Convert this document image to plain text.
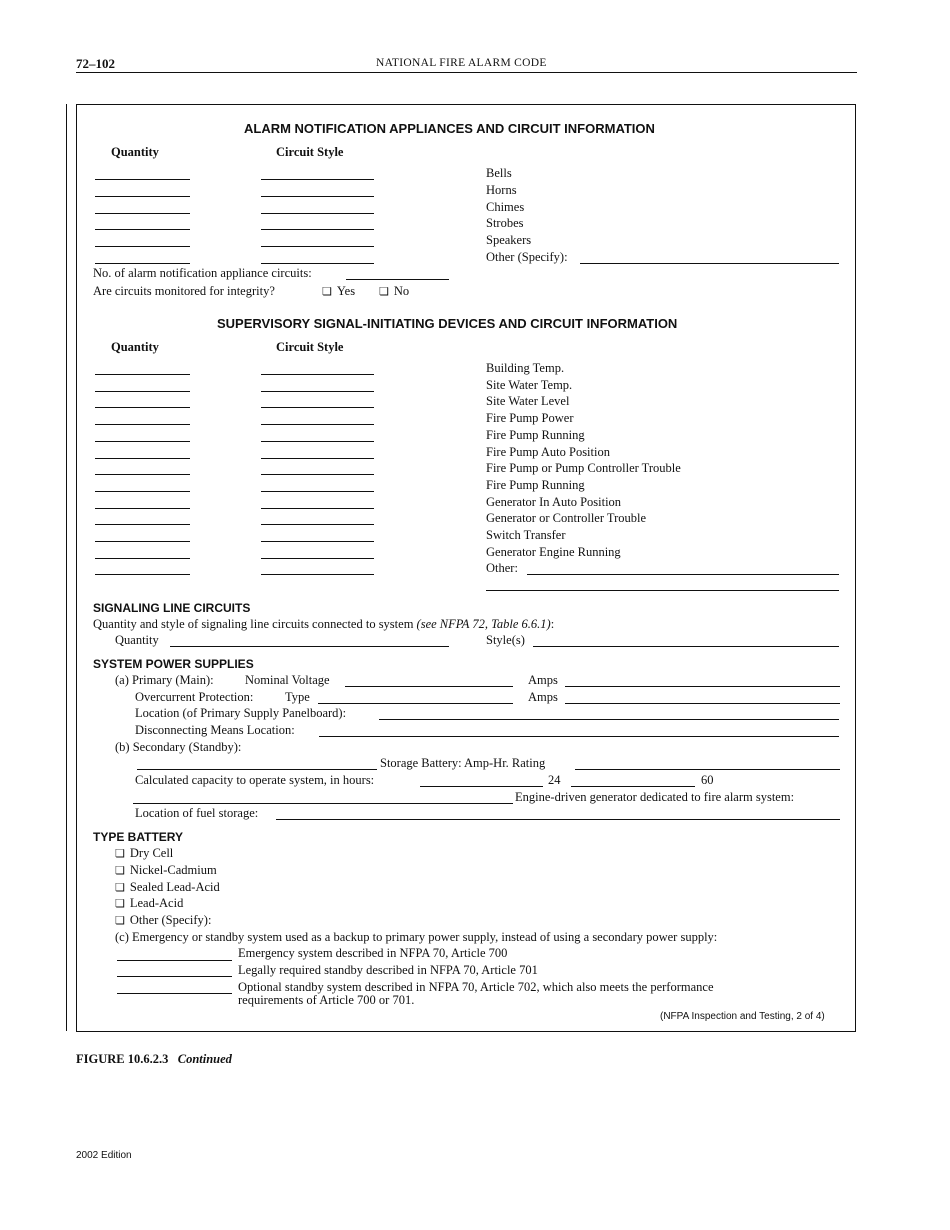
72–102	NATIONAL FIRE ALARM CODE
ALARM NOTIFICATION APPLIANCES AND CIRCUIT INFORMATION
Quantity	Circuit Style
Bells
Horns
Chimes
Strobes
Speakers
Other (Specify):
No. of alarm notification appliance circuits:
Are circuits monitored for integrity?	❏ Yes ❏ No
SUPERVISORY SIGNAL-INITIATING DEVICES AND CIRCUIT INFORMATION
Quantity	Circuit Style
Building Temp.
Site Water Temp.
Site Water Level
Fire Pump Power
Fire Pump Running
Fire Pump Auto Position
Fire Pump or Pump Controller Trouble
Fire Pump Running
Generator In Auto Position
Generator or Controller Trouble
Switch Transfer
Generator Engine Running
Other:
SIGNALING LINE CIRCUITS
Quantity and style of signaling line circuits connected to system (see NFPA 72, Table 6.6.1):
Quantity	Style(s)
SYSTEM POWER SUPPLIES
(a) Primary (Main):	Nominal Voltage	Amps
Overcurrent Protection:	Type	Amps
Location (of Primary Supply Panelboard):
Disconnecting Means Location:
(b) Secondary (Standby):
Storage Battery: Amp-Hr. Rating
Calculated capacity to operate system, in hours:	24	60
Engine-driven generator dedicated to fire alarm system:
Location of fuel storage:
TYPE BATTERY
❏ Dry Cell
❏ Nickel-Cadmium
❏ Sealed Lead-Acid
❏ Lead-Acid
❏ Other (Specify):
(c) Emergency or standby system used as a backup to primary power supply, instead of using a secondary power supply:
Emergency system described in NFPA 70, Article 700
Legally required standby described in NFPA 70, Article 701
Optional standby system described in NFPA 70, Article 702, which also meets the performance
requirements of Article 700 or 701.
(NFPA Inspection and Testing, 2 of 4)
FIGURE 10.6.2.3 Continued
2002 Edition
